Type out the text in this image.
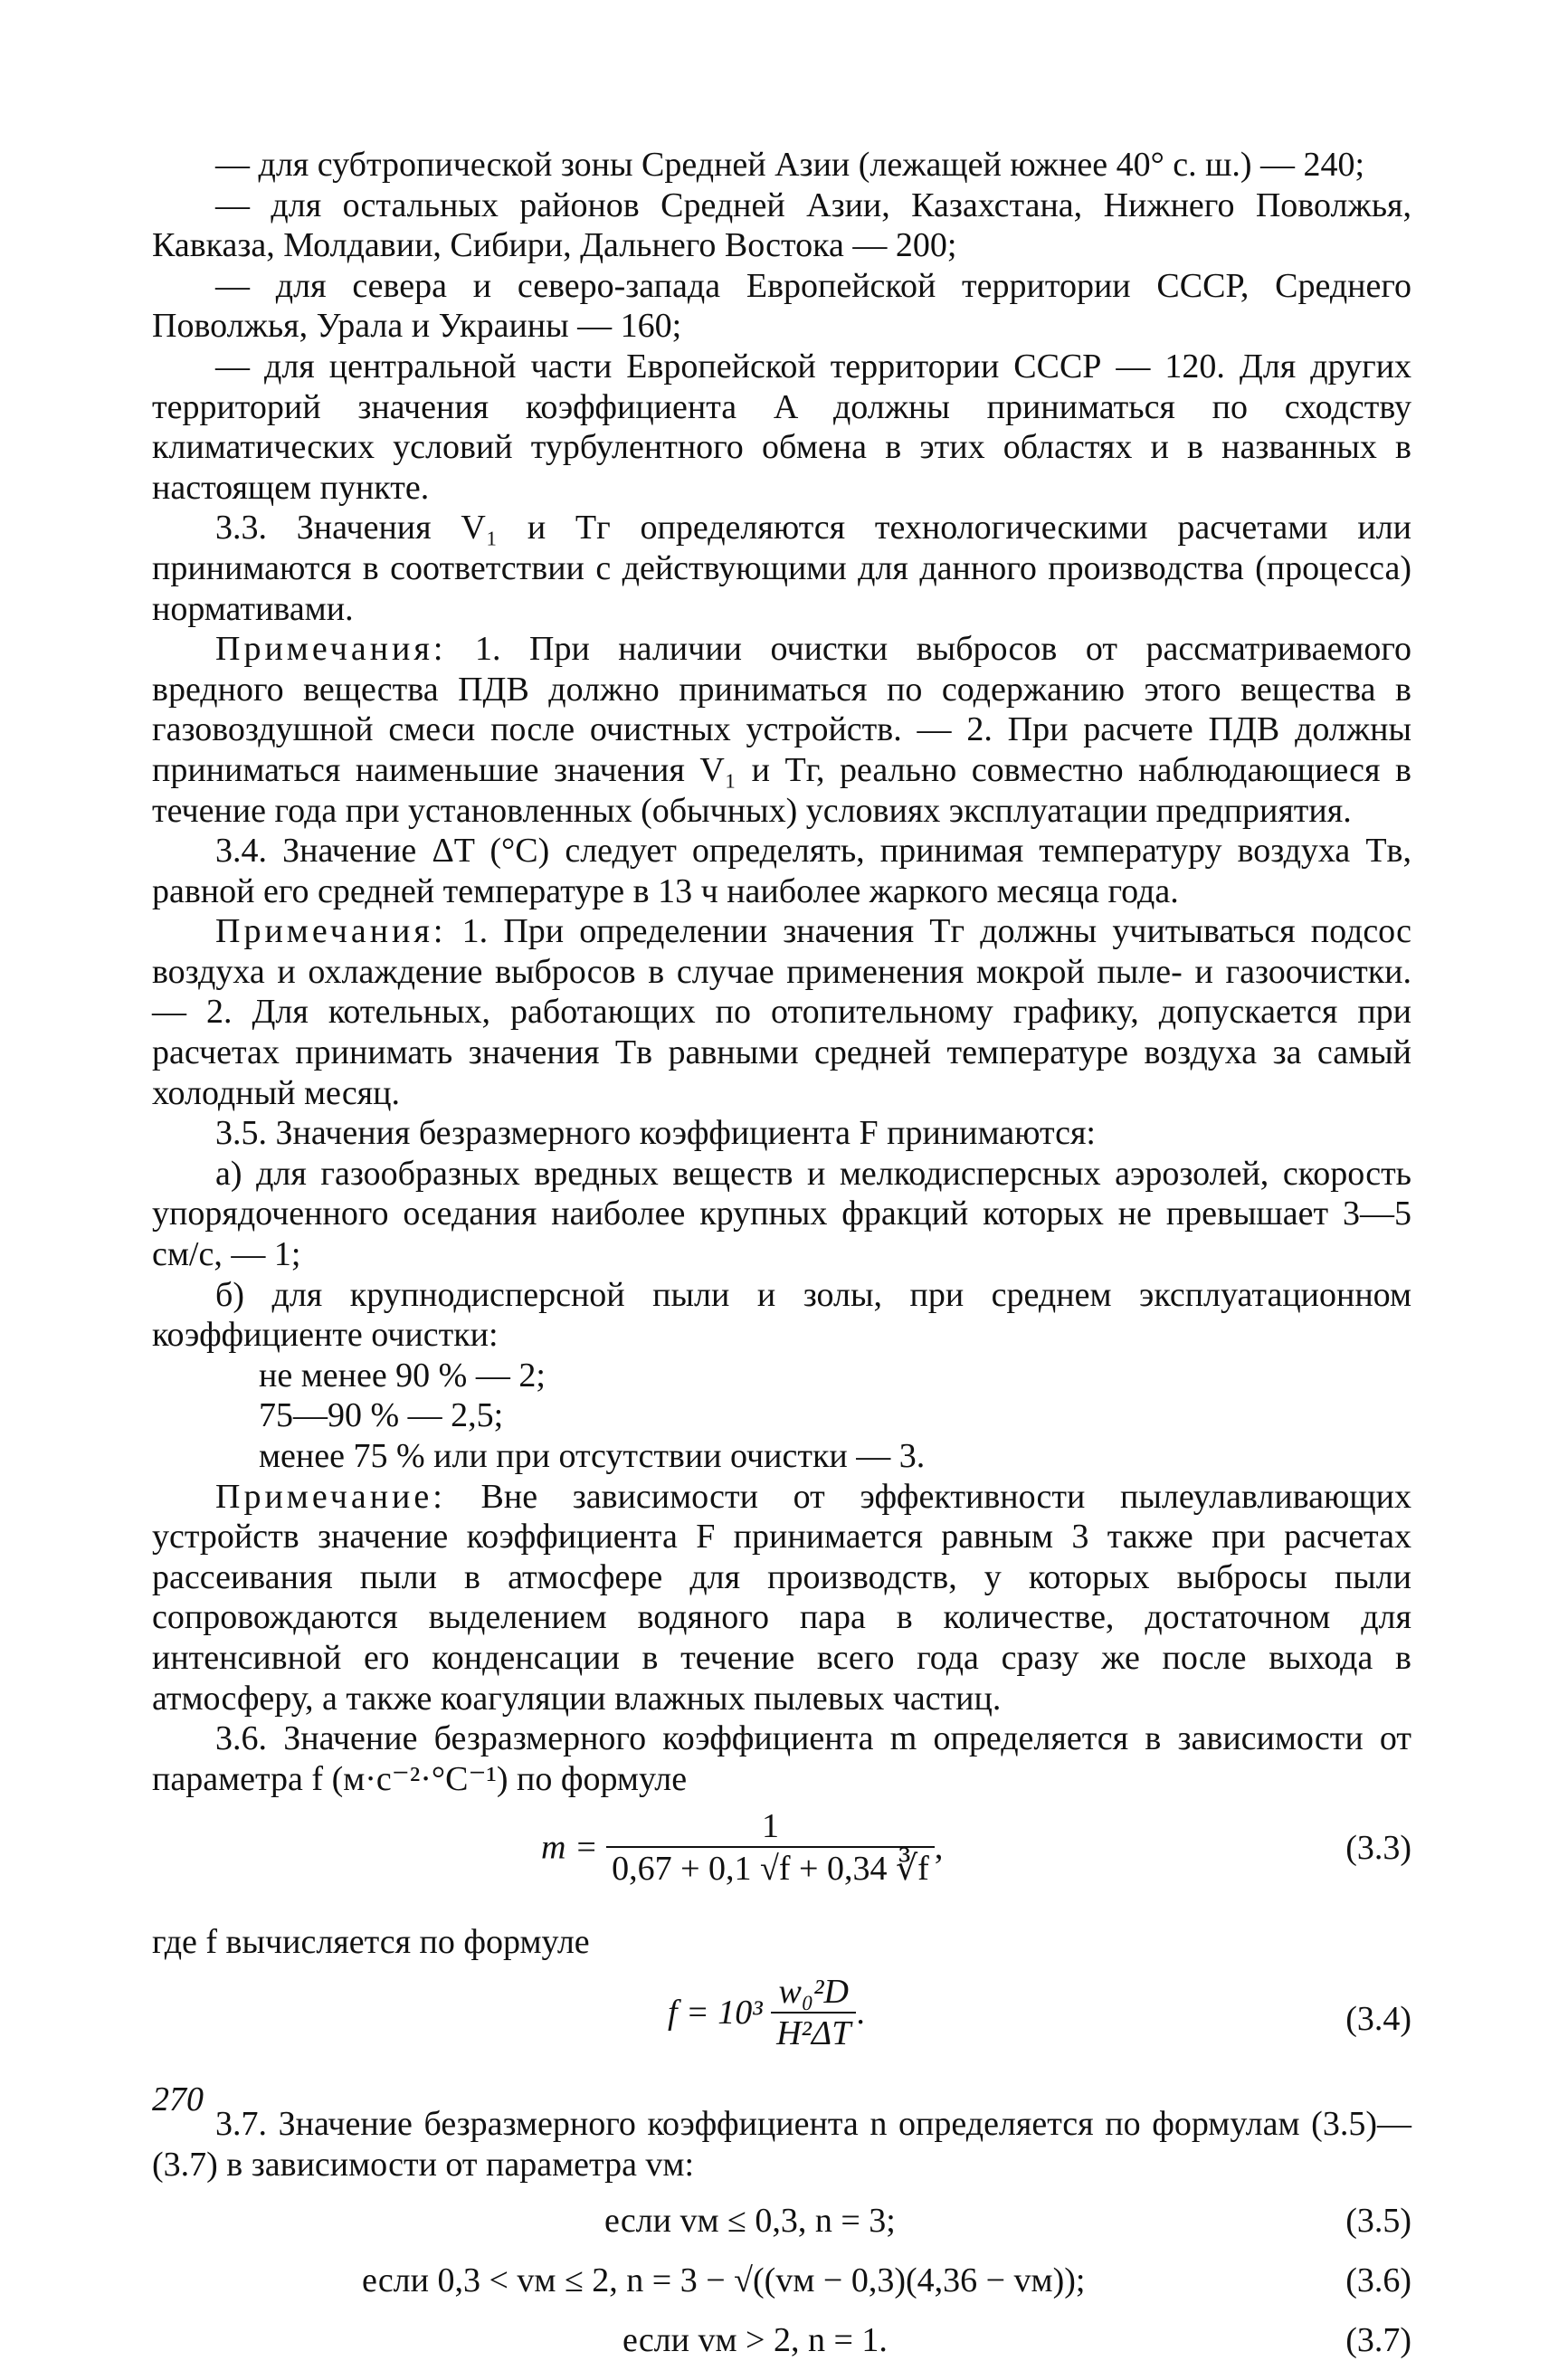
— для субтропической зоны Средней Азии (лежащей южнее 40° с. ш.) — 240;

— для остальных районов Средней Азии, Казахстана, Нижнего Поволжья, Кавказа, Молдавии, Сибири, Дальнего Востока — 200;

— для севера и северо-запада Европейской территории СССР, Среднего Поволжья, Урала и Украины — 160;

— для центральной части Европейской территории СССР — 120. Для других территорий значения коэффициента A должны приниматься по сходству климатических условий турбулентного обмена в этих областях и в названных в настоящем пункте.

3.3. Значения V₁ и Tг определяются технологическими расчетами или принимаются в соответствии с действующими для данного производства (процесса) нормативами.

Примечания: 1. При наличии очистки выбросов от рассматриваемого вредного вещества ПДВ должно приниматься по содержанию этого вещества в газовоздушной смеси после очистных устройств. — 2. При расчете ПДВ должны приниматься наименьшие значения V₁ и Tг, реально совместно наблюдающиеся в течение года при установленных (обычных) условиях эксплуатации предприятия.

3.4. Значение ΔT (°C) следует определять, принимая температуру воздуха Tв, равной его средней температуре в 13 ч наиболее жаркого месяца года.

Примечания: 1. При определении значения Tг должны учитываться подсос воздуха и охлаждение выбросов в случае применения мокрой пыле- и газоочистки. — 2. Для котельных, работающих по отопительному графику, допускается при расчетах принимать значения Tв равными средней температуре воздуха за самый холодный месяц.

3.5. Значения безразмерного коэффициента F принимаются:

а) для газообразных вредных веществ и мелкодисперсных аэрозолей, скорость упорядоченного оседания наиболее крупных фракций которых не превышает 3—5 см/с, — 1;

б) для крупнодисперсной пыли и золы, при среднем эксплуатационном коэффициенте очистки:

не менее 90 % — 2;

75—90 % — 2,5;

менее 75 % или при отсутствии очистки — 3.

Примечание: Вне зависимости от эффективности пылеулавливающих устройств значение коэффициента F принимается равным 3 также при расчетах рассеивания пыли в атмосфере для производств, у которых выбросы пыли сопровождаются выделением водяного пара в количестве, достаточном для интенсивной его конденсации в течение всего года сразу же после выхода в атмосферу, а также коагуляции влажных пылевых частиц.

3.6. Значение безразмерного коэффициента m определяется в зависимости от параметра f (м·с⁻²·°С⁻¹) по формуле

$m = \frac{1}{0,67 + 0,1 √f + 0,34 ∛f}$ ,	(3.3)

где f вычисляется по формуле

$f = 10^3 \frac{\text{w₀²D}}{\text{H²ΔT}}$ .	(3.4)

3.7. Значение безразмерного коэффициента n определяется по формулам (3.5)—(3.7) в зависимости от параметра vм:

если vм ≤ 0,3, n = 3;	(3.5)
если 0,3 < vм ≤ 2, n = 3 − √((vм − 0,3)(4,36 − vм));	(3.6)
если vм > 2, n = 1.	(3.7)
270
